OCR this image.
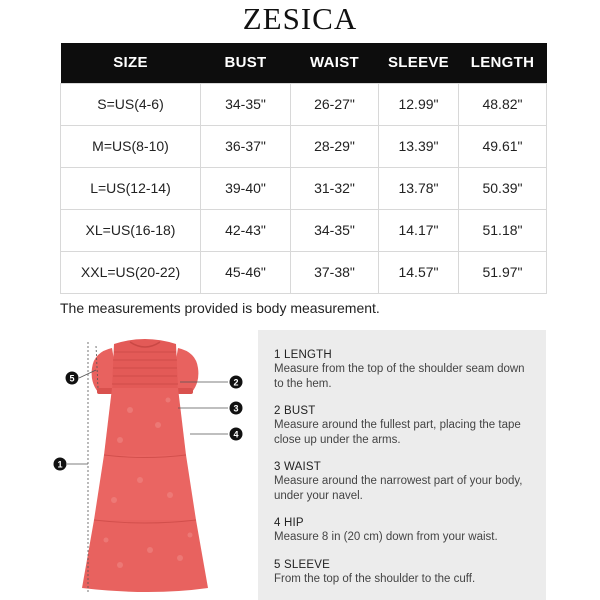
ZESICA
SIZE	BUST	WAIST	SLEEVE	LENGTH
S=US(4-6)	34-35"	26-27"	12.99"	48.82"
M=US(8-10)	36-37"	28-29"	13.39"	49.61"
L=US(12-14)	39-40"	31-32"	13.78"	50.39"
XL=US(16-18)	42-43"	34-35"	14.17"	51.18"
XXL=US(20-22)	45-46"	37-38"	14.57"	51.97"
The measurements provided is body measurement.
1
2
3
4
5
1 LENGTH
Measure from the top of the shoulder seam down to the hem.
2 BUST
Measure around the fullest part, placing the tape close up under the arms.
3 WAIST
Measure around the narrowest part of your body, under your navel.
4 HIP
Measure 8 in (20 cm) down from your waist.
5 SLEEVE
From the top of the shoulder to the cuff.
